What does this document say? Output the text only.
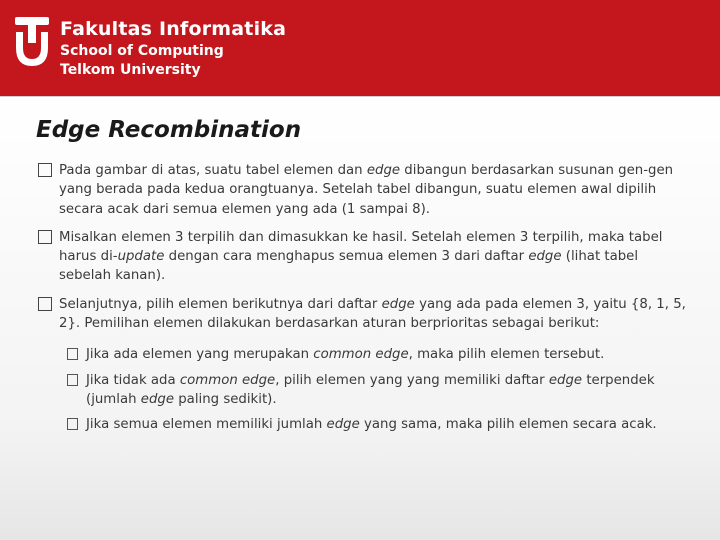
Fakultas Informatika
School of Computing
Telkom University
Edge Recombination
Pada gambar di atas, suatu tabel elemen dan edge dibangun berdasarkan susunan gen-gen yang berada pada kedua orangtuanya. Setelah tabel dibangun, suatu elemen awal dipilih secara acak dari semua elemen yang ada (1 sampai 8).
Misalkan elemen 3 terpilih dan dimasukkan ke hasil. Setelah elemen 3 terpilih, maka tabel harus di-update dengan cara menghapus semua elemen 3 dari daftar edge (lihat tabel sebelah kanan).
Selanjutnya, pilih elemen berikutnya dari daftar edge yang ada pada elemen 3, yaitu {8, 1, 5, 2}. Pemilihan elemen dilakukan berdasarkan aturan berprioritas sebagai berikut:
Jika ada elemen yang merupakan common edge, maka pilih elemen tersebut.
Jika tidak ada common edge, pilih elemen yang yang memiliki daftar edge terpendek (jumlah edge paling sedikit).
Jika semua elemen memiliki jumlah edge yang sama, maka pilih elemen secara acak.
